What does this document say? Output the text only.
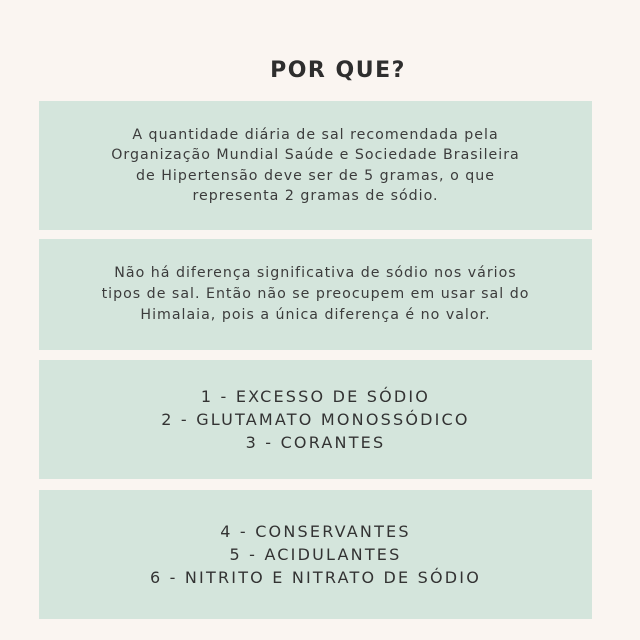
POR QUE?
A quantidade diária de sal recomendada pela
Organização Mundial Saúde e Sociedade Brasileira
de Hipertensão deve ser de 5 gramas, o que
representa 2 gramas de sódio.
Não há diferença significativa de sódio nos vários
tipos de sal. Então não se preocupem em usar sal do
Himalaia, pois a única diferença é no valor.
1 - EXCESSO DE SÓDIO
2 - GLUTAMATO MONOSSÓDICO
3 - CORANTES
4 - CONSERVANTES
5 - ACIDULANTES
6 - NITRITO E NITRATO DE SÓDIO
